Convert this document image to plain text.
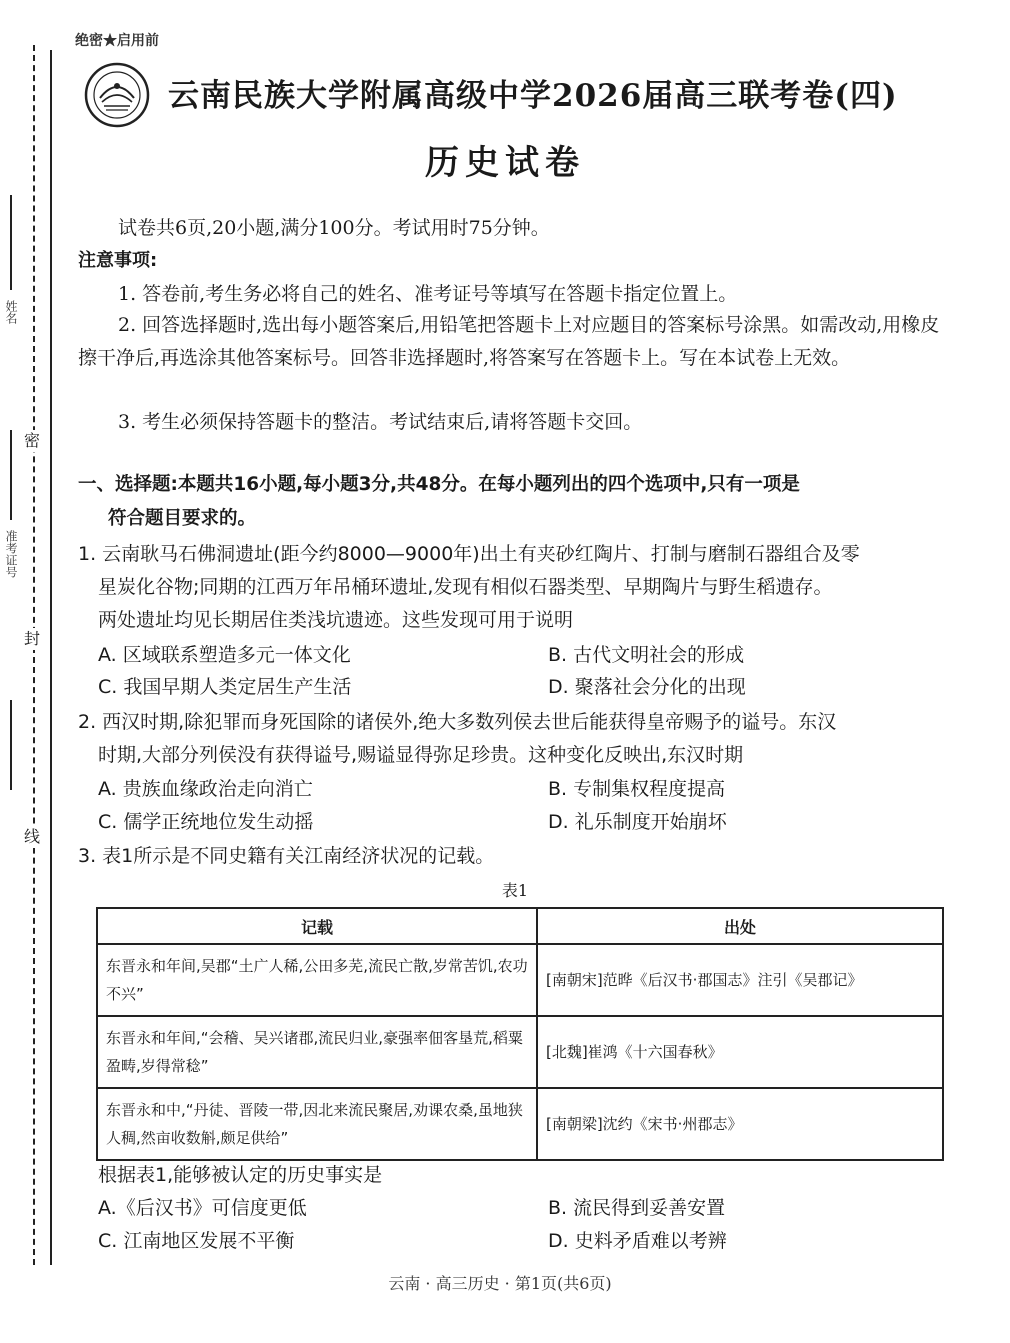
姓名
准考证号
密
封
线
绝密★启用前
云南民族大学附属高级中学2026届高三联考卷(四)
历史试卷
试卷共6页,20小题,满分100分。考试用时75分钟。
注意事项:
1. 答卷前,考生务必将自己的姓名、准考证号等填写在答题卡指定位置上。
2. 回答选择题时,选出每小题答案后,用铅笔把答题卡上对应题目的答案标号涂黑。如需改动,用橡皮擦干净后,再选涂其他答案标号。回答非选择题时,将答案写在答题卡上。写在本试卷上无效。
3. 考生必须保持答题卡的整洁。考试结束后,请将答题卡交回。
一、选择题:本题共16小题,每小题3分,共48分。在每小题列出的四个选项中,只有一项是
符合题目要求的。
1. 云南耿马石佛洞遗址(距今约8000—9000年)出土有夹砂红陶片、打制与磨制石器组合及零
星炭化谷物;同期的江西万年吊桶环遗址,发现有相似石器类型、早期陶片与野生稻遗存。
两处遗址均见长期居住类浅坑遗迹。这些发现可用于说明
A. 区域联系塑造多元一体文化	B. 古代文明社会的形成
C. 我国早期人类定居生产生活	D. 聚落社会分化的出现
2. 西汉时期,除犯罪而身死国除的诸侯外,绝大多数列侯去世后能获得皇帝赐予的谥号。东汉
时期,大部分列侯没有获得谥号,赐谥显得弥足珍贵。这种变化反映出,东汉时期
A. 贵族血缘政治走向消亡	B. 专制集权程度提高
C. 儒学正统地位发生动摇	D. 礼乐制度开始崩坏
3. 表1所示是不同史籍有关江南经济状况的记载。
表1
记载	出处
东晋永和年间,吴郡“土广人稀,公田多芜,流民亡散,岁常苦饥,农功不兴”	[南朝宋]范晔《后汉书·郡国志》注引《吴郡记》
东晋永和年间,“会稽、吴兴诸郡,流民归业,豪强率佃客垦荒,稻粟盈畴,岁得常稔”	[北魏]崔鸿《十六国春秋》
东晋永和中,“丹徒、晋陵一带,因北来流民聚居,劝课农桑,虽地狭人稠,然亩收数斛,颇足供给”	[南朝梁]沈约《宋书·州郡志》
根据表1,能够被认定的历史事实是
A.《后汉书》可信度更低	B. 流民得到妥善安置
C. 江南地区发展不平衡	D. 史料矛盾难以考辨
云南 · 高三历史 · 第1页(共6页)
